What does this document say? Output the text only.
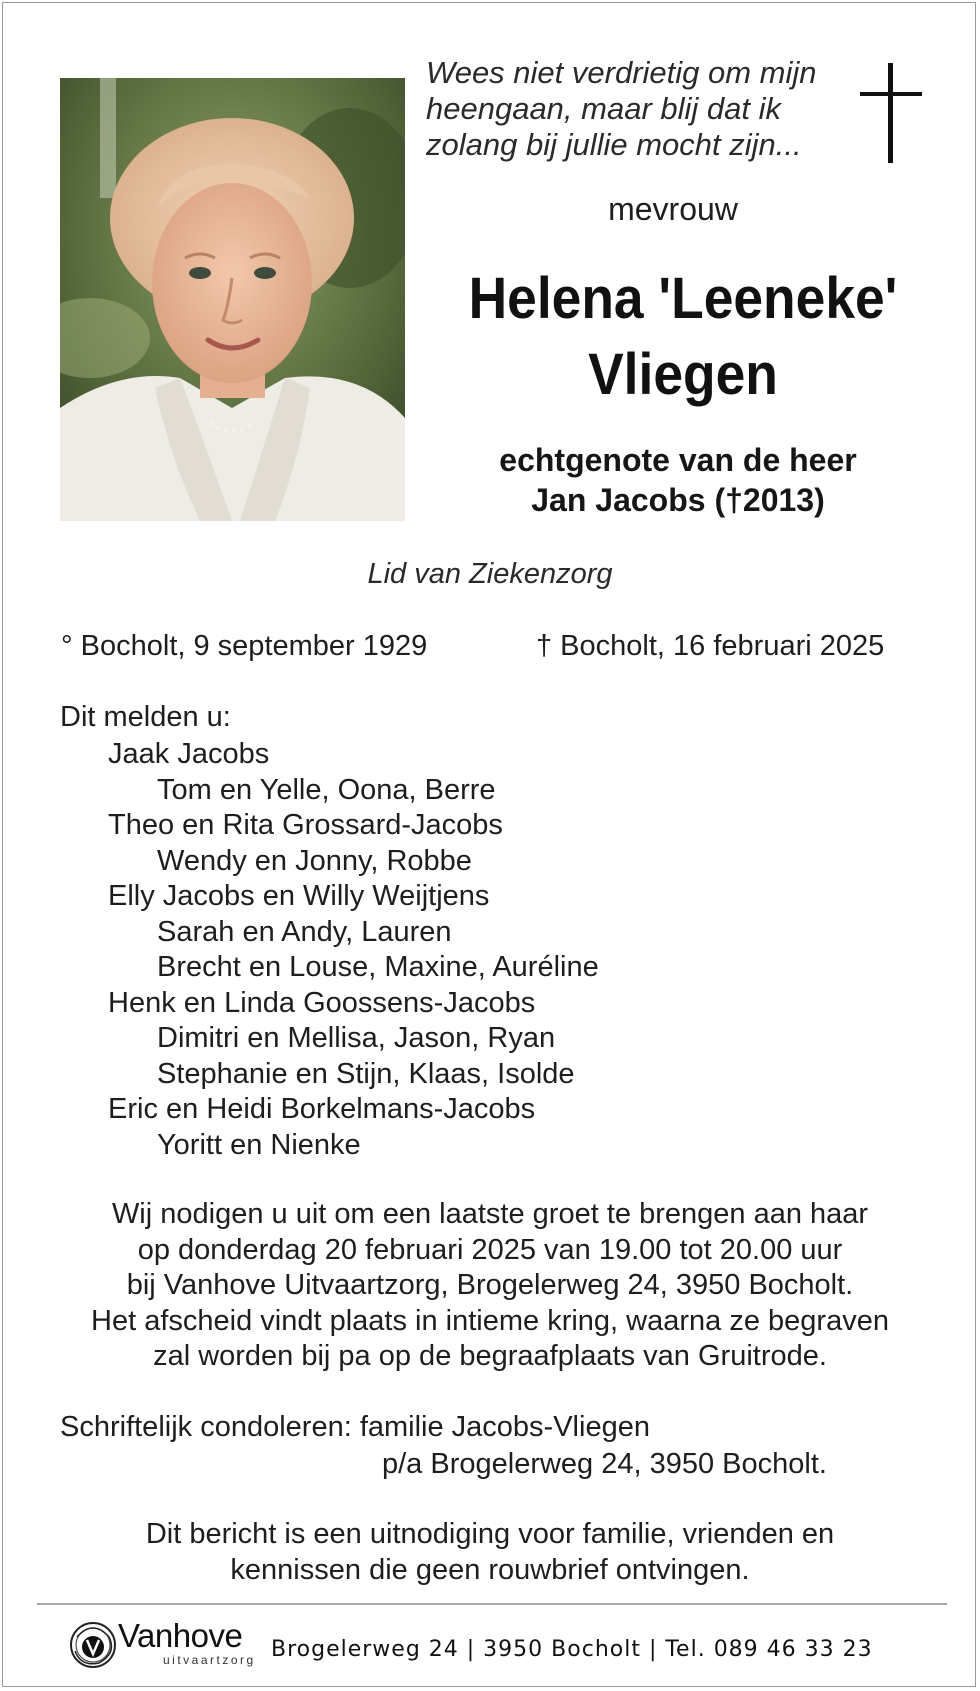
Wees niet verdrietig om mijn
heengaan, maar blij dat ik
zolang bij jullie mocht zijn...
mevrouw
Helena 'Leeneke'
Vliegen
echtgenote van de heer
Jan Jacobs (†2013)
Lid van Ziekenzorg
° Bocholt, 9 september 1929	† Bocholt, 16 februari 2025
Dit melden u:
Jaak Jacobs
Tom en Yelle, Oona, Berre
Theo en Rita Grossard-Jacobs
Wendy en Jonny, Robbe
Elly Jacobs en Willy Weijtjens
Sarah en Andy, Lauren
Brecht en Louse, Maxine, Auréline
Henk en Linda Goossens-Jacobs
Dimitri en Mellisa, Jason, Ryan
Stephanie en Stijn, Klaas, Isolde
Eric en Heidi Borkelmans-Jacobs
Yoritt en Nienke
Wij nodigen u uit om een laatste groet te brengen aan haar
op donderdag 20 februari 2025 van 19.00 tot 20.00 uur
bij Vanhove Uitvaartzorg, Brogelerweg 24, 3950 Bocholt.
Het afscheid vindt plaats in intieme kring, waarna ze begraven
zal worden bij pa op de begraafplaats van Gruitrode.
Schriftelijk condoleren: familie Jacobs-Vliegen
p/a Brogelerweg 24, 3950 Bocholt.
Dit bericht is een uitnodiging voor familie, vrienden en
kennissen die geen rouwbrief ontvingen.
Vanhove
uitvaartzorg Brogelerweg 24 | 3950 Bocholt | Tel. 089 46 33 23
